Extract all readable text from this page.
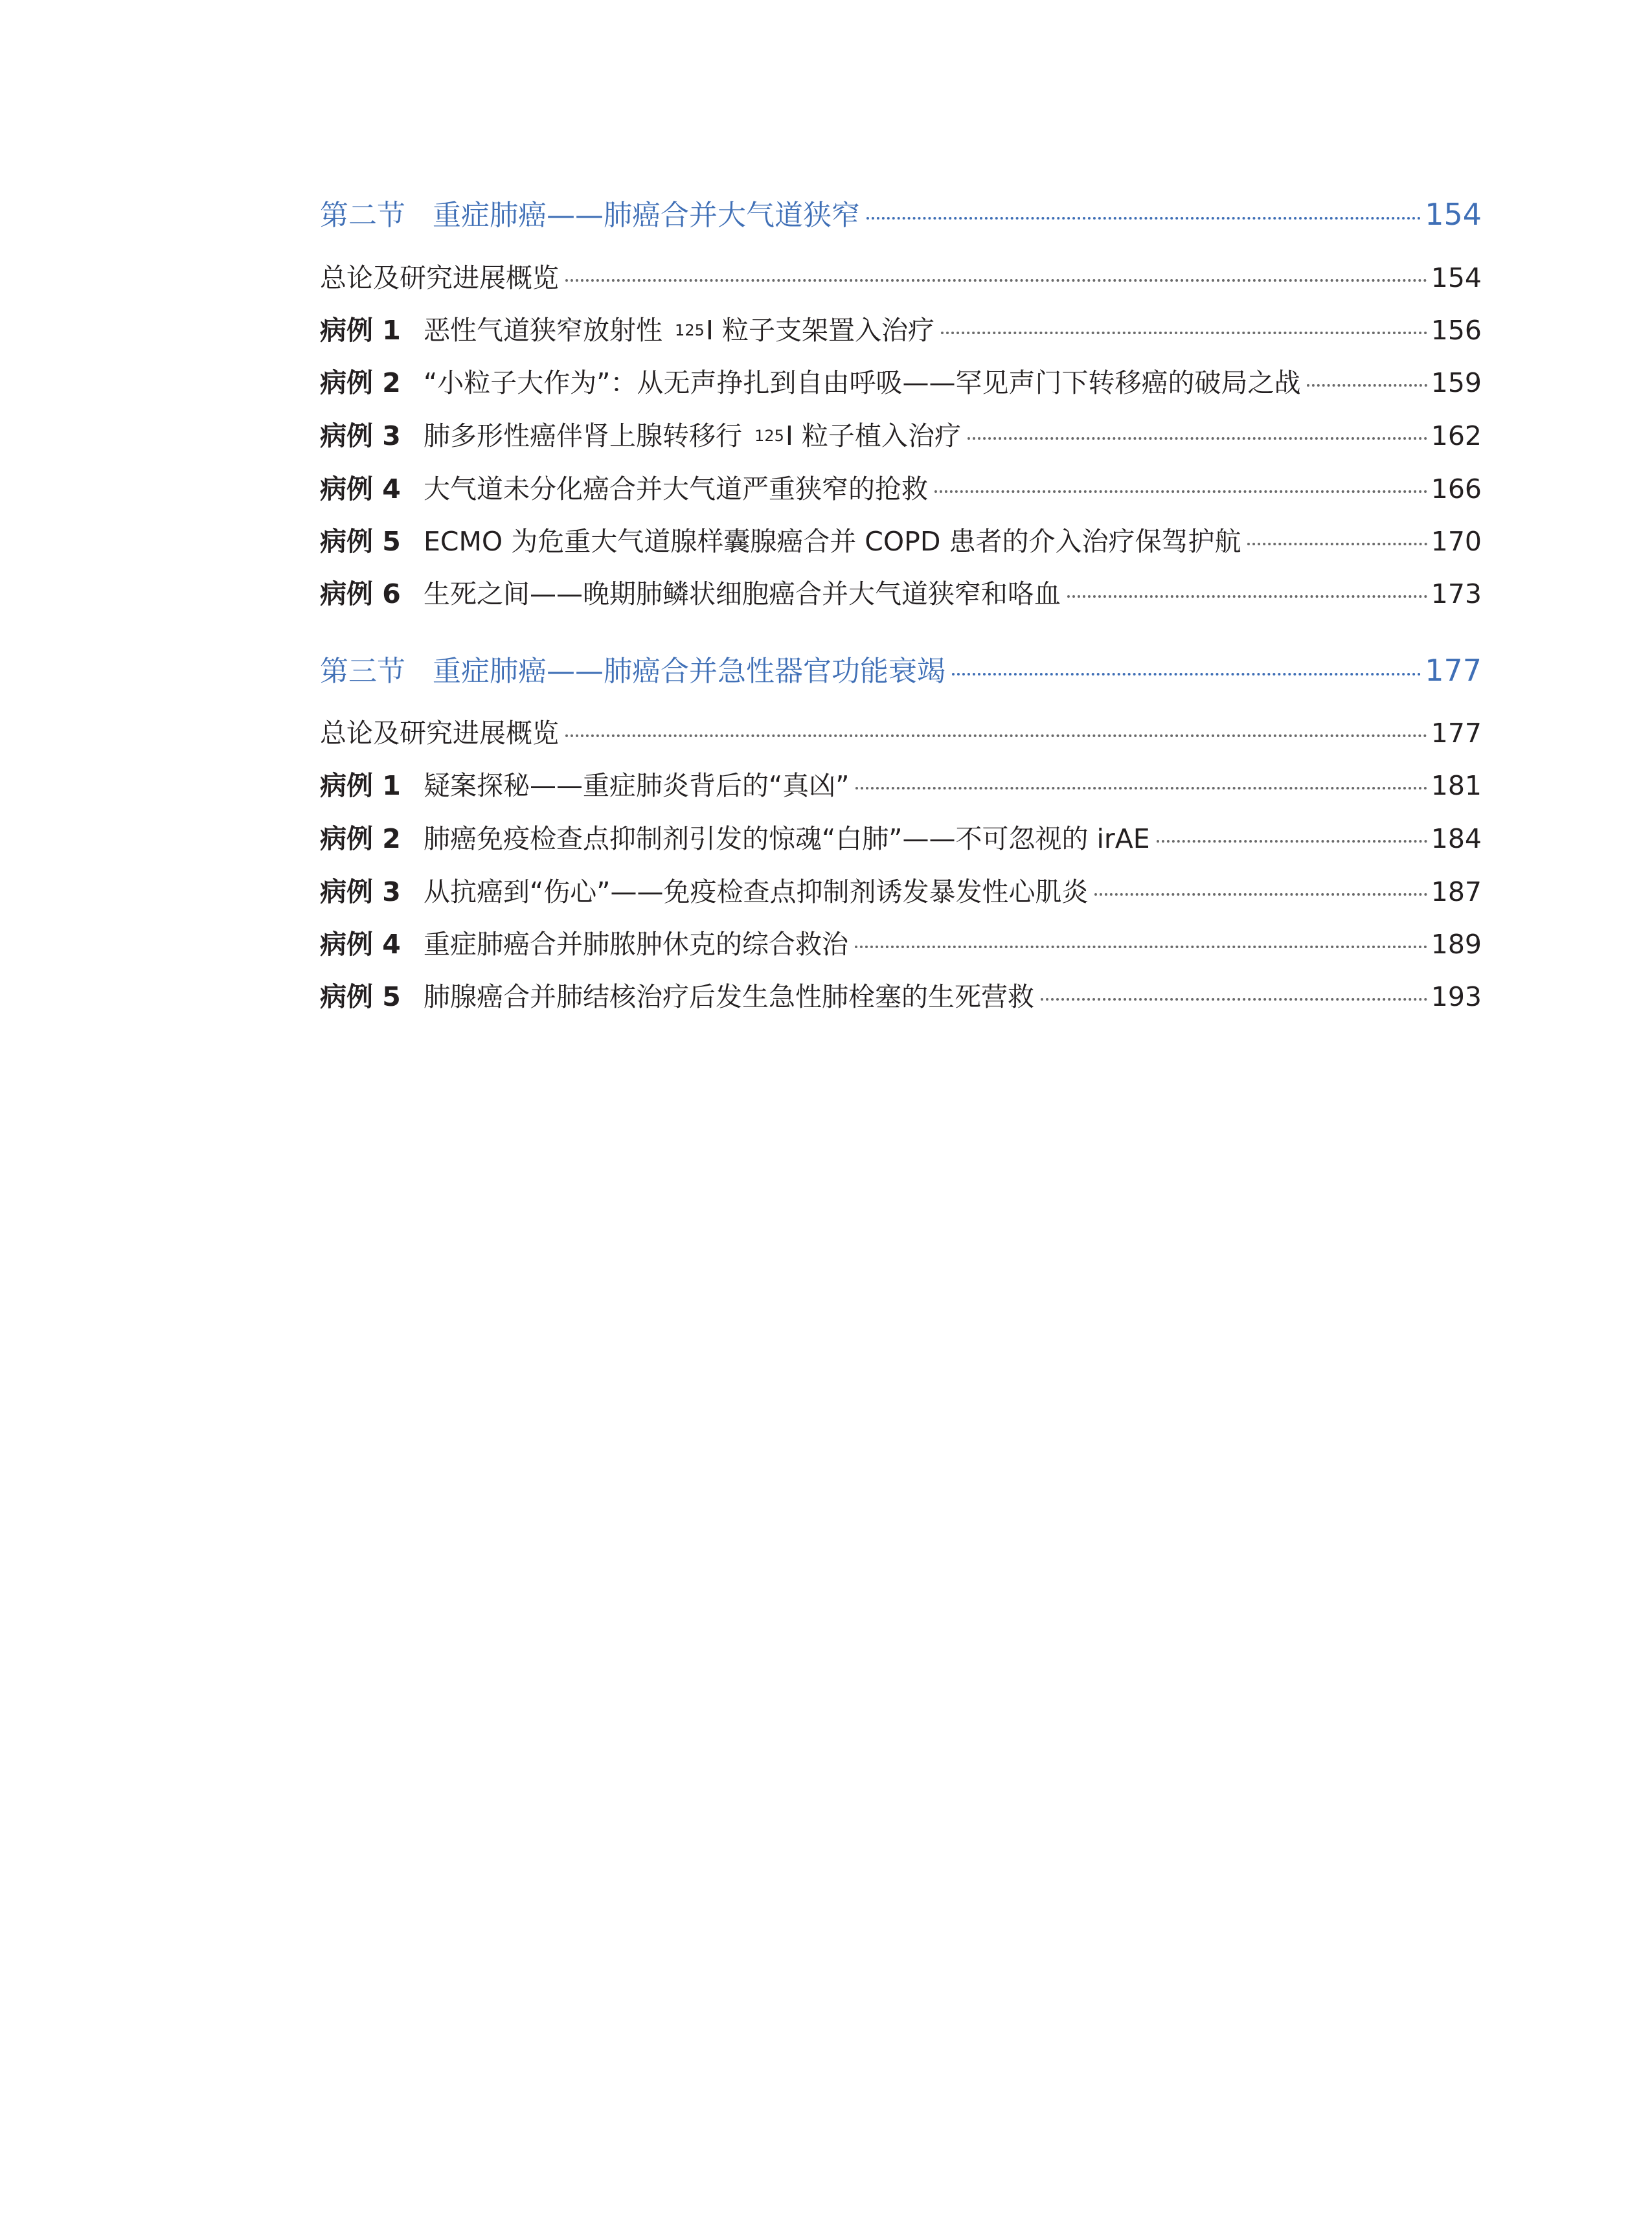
第二节 重症肺癌——肺癌合并大气道狭窄	154
总论及研究进展概览	154
病例 1 恶性气道狭窄放射性 $^{125}$I 粒子支架置入治疗	156
病例 2 “小粒子大作为”：从无声挣扎到自由呼吸——罕见声门下转移癌的破局之战	159
病例 3 肺多形性癌伴肾上腺转移行 $^{125}$I 粒子植入治疗	162
病例 4 大气道未分化癌合并大气道严重狭窄的抢救	166
病例 5 ECMO 为危重大气道腺样囊腺癌合并 COPD 患者的介入治疗保驾护航	170
病例 6 生死之间——晚期肺鳞状细胞癌合并大气道狭窄和咯血	173
第三节 重症肺癌——肺癌合并急性器官功能衰竭	177
总论及研究进展概览	177
病例 1 疑案探秘——重症肺炎背后的“真凶”	181
病例 2 肺癌免疫检查点抑制剂引发的惊魂“白肺”——不可忽视的 irAE	184
病例 3 从抗癌到“伤心”——免疫检查点抑制剂诱发暴发性心肌炎	187
病例 4 重症肺癌合并肺脓肿休克的综合救治	189
病例 5 肺腺癌合并肺结核治疗后发生急性肺栓塞的生死营救	193
